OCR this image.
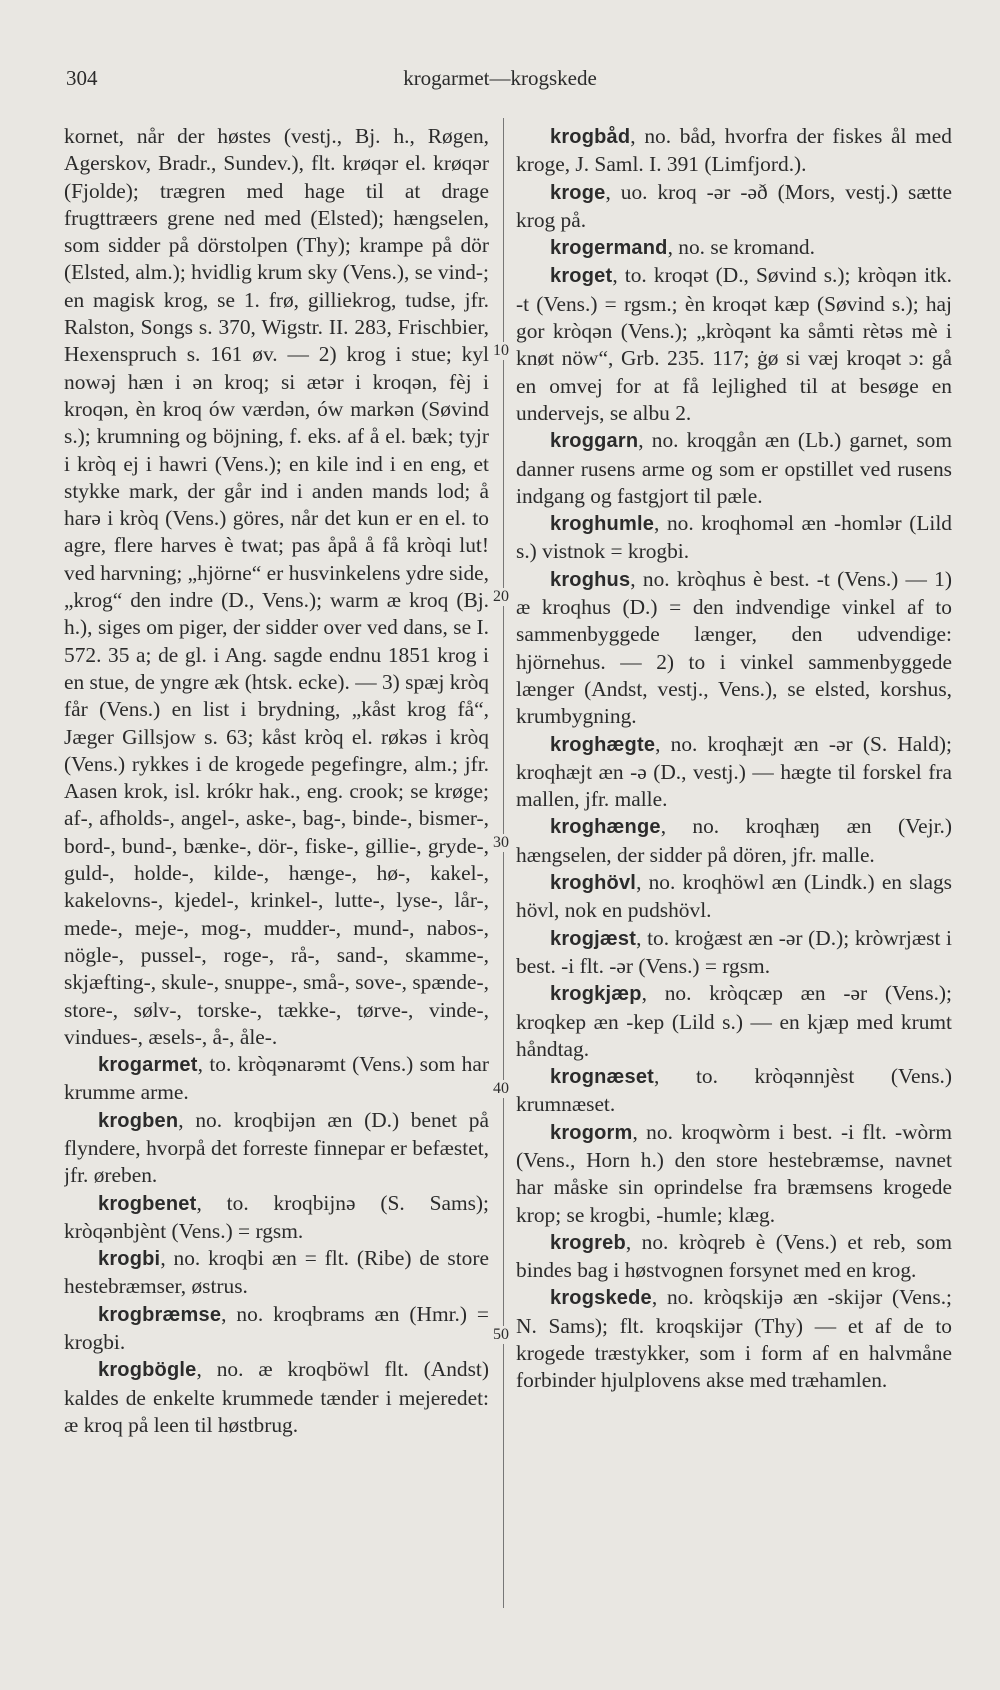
304	krogarmet—krogskede
10
20
30
40
50

kornet, når der høstes (vestj., Bj. h., Røgen, Agerskov, Bradr., Sundev.), flt. krøqər el. krøqər (Fjolde); trægren med hage til at drage frugttræers grene ned med (Elsted); hængselen, som sidder på dörstolpen (Thy); krampe på dör (Elsted, alm.); hvidlig krum sky (Vens.), se vind-; en magisk krog, se 1. frø, gilliekrog, tudse, jfr. Ralston, Songs s. 370, Wigstr. II. 283, Frischbier, Hexenspruch s. 161 øv. — 2) krog i stue; kyl nowəj hæn i ən kroq; si ætər i kroqən, fèj i kroqən, èn kroq ów værdən, ów markən (Søvind s.); krumning og böjning, f. eks. af å el. bæk; tyjr i kròq ej i hawri (Vens.); en kile ind i en eng, et stykke mark, der går ind i anden mands lod; å harə i kròq (Vens.) göres, når det kun er en el. to agre, flere harves è twat; pas åpå å få kròqi lut! ved harvning; „hjörne“ er husvinkelens ydre side, „krog“ den indre (D., Vens.); warm æ kroq (Bj. h.), siges om piger, der sidder over ved dans, se I. 572. 35 a; de gl. i Ang. sagde endnu 1851 krog i en stue, de yngre æk (htsk. ecke). — 3) spæj kròq får (Vens.) en list i brydning, „kåst krog få“, Jæger Gillsjow s. 63; kåst kròq el. røkəs i kròq (Vens.) rykkes i de krogede pegefingre, alm.; jfr. Aasen krok, isl. krókr hak., eng. crook; se krøge; af-, afholds-, angel-, aske-, bag-, binde-, bismer-, bord-, bund-, bænke-, dör-, fiske-, gillie-, gryde-, guld-, holde-, kilde-, hænge-, hø-, kakel-, kakelovns-, kjedel-, krinkel-, lutte-, lyse-, lår-, mede-, meje-, mog-, mudder-, mund-, nabos-, nögle-, pussel-, roge-, rå-, sand-, skamme-, skjæfting-, skule-, snuppe-, små-, sove-, spænde-, store-, sølv-, torske-, tække-, tørve-, vinde-, vindues-, æsels-, å-, åle-.

krogarmet, to. kròqənarəmt (Vens.) som har krumme arme.

krogben, no. kroqbijən æn (D.) benet på flyndere, hvorpå det forreste finnepar er befæstet, jfr. øreben.

krogbenet, to. kroqbijnə (S. Sams); kròqənbjènt (Vens.) = rgsm.

krogbi, no. kroqbi æn = flt. (Ribe) de store hestebræmser, østrus.

krogbræmse, no. kroqbrams æn (Hmr.) = krogbi.

krogbögle, no. æ kroqböwl flt. (Andst) kaldes de enkelte krummede tænder i mejeredet: æ kroq på leen til høstbrug.

krogbåd, no. båd, hvorfra der fiskes ål med kroge, J. Saml. I. 391 (Limfjord.).

kroge, uo. kroq -ər -əð (Mors, vestj.) sætte krog på.

krogermand, no. se kromand.

kroget, to. kroqət (D., Søvind s.); kròqən itk. -t (Vens.) = rgsm.; èn kroqət kæp (Søvind s.); haj gor kròqən (Vens.); „kròqənt ka såmti rètəs mè i knøt nöw“, Grb. 235. 117; ġø si væj kroqət ɔ: gå en omvej for at få lejlighed til at besøge en undervejs, se albu 2.

kroggarn, no. kroqgån æn (Lb.) garnet, som danner rusens arme og som er opstillet ved rusens indgang og fastgjort til pæle.

kroghumle, no. kroqhoməl æn -homlər (Lild s.) vistnok = krogbi.

kroghus, no. kròqhus è best. -t (Vens.) — 1) æ kroqhus (D.) = den indvendige vinkel af to sammenbyggede længer, den udvendige: hjörnehus. — 2) to i vinkel sammenbyggede længer (Andst, vestj., Vens.), se elsted, korshus, krumbygning.

kroghægte, no. kroqhæjt æn -ər (S. Hald); kroqhæjt æn -ə (D., vestj.) — hægte til forskel fra mallen, jfr. malle.

kroghænge, no. kroqhæŋ æn (Vejr.) hængselen, der sidder på dören, jfr. malle.

kroghövl, no. kroqhöwl æn (Lindk.) en slags hövl, nok en pudshövl.

krogjæst, to. kroġæst æn -ər (D.); kròwrjæst i best. -i flt. -ər (Vens.) = rgsm.

krogkjæp, no. kròqcæp æn -ər (Vens.); kroqkep æn -kep (Lild s.) — en kjæp med krumt håndtag.

krognæset, to. kròqənnjèst (Vens.) krumnæset.

krogorm, no. kroqwòrm i best. -i flt. -wòrm (Vens., Horn h.) den store hestebræmse, navnet har måske sin oprindelse fra bræmsens krogede krop; se krogbi, -humle; klæg.

krogreb, no. kròqreb è (Vens.) et reb, som bindes bag i høstvognen forsynet med en krog.

krogskede, no. kròqskijə æn -skijər (Vens.; N. Sams); flt. kroqskijər (Thy) — et af de to krogede træstykker, som i form af en halvmåne forbinder hjulplovens akse med træhamlen.
